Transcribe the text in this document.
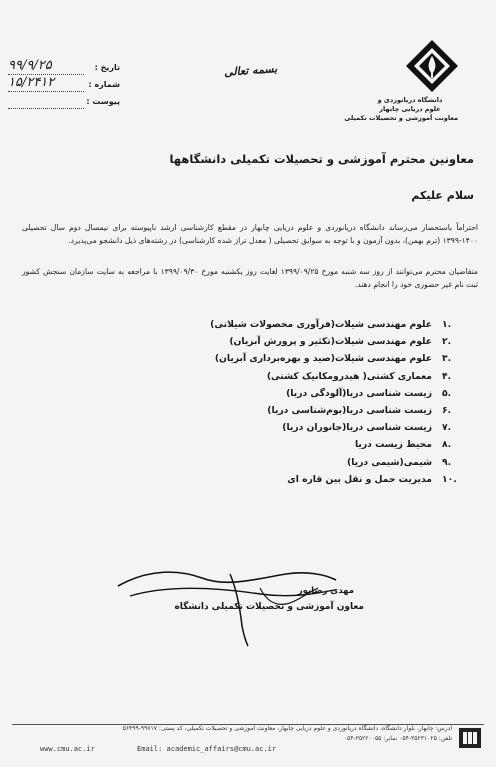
دانشگاه دریانوردی و
علوم دریایی چابهار
معاونت آموزشی و تحصیلات تکمیلی
بسمه تعالی
تاریخ :
۹۹/۹/۲۵
شماره :
۱۵/۲۴۱۲
پیوست :
معاونین محترم آموزشی و تحصیلات تکمیلی دانشگاهها
سلام علیکم
احتراماً باستحضار می‌رساند دانشگاه دریانوردی و علوم دریایی چابهار در مقطع کارشناسی ارشد ناپیوسته برای نیمسال دوم سال تحصیلی ۱۴۰۰-۱۳۹۹ (ترم بهمن)، بدون آزمون و با توجه به سوابق تحصیلی ( معدل تراز شده کارشناسی) در رشته‌های ذیل دانشجو می‌پذیرد.
متقاضیان محترم می‌توانند از روز سه شنبه مورخ ۱۳۹۹/۰۹/۲۵ لغایت روز یکشنبه مورخ ۱۳۹۹/۰۹/۳۰ با مراجعه به سایت سازمان سنجش کشور ثبت نام غیر حضوری خود را انجام دهند.
۱.
علوم مهندسی شیلات(فرآوری محصولات شیلاتی)
۲.
علوم مهندسی شیلات(تکثیر و پرورش آبزیان)
۳.
علوم مهندسی شیلات(صید و بهره‌برداری آبزیان)
۴.
معماری کشتی( هیدرومکانیک کشتی)
۵.
زیست شناسی دریا(آلودگی دریا)
۶.
زیست شناسی دریا(بوم‌شناسی دریا)
۷.
زیست شناسی دریا(جانوران دریا)
۸.
محیط زیست دریا
۹.
شیمی(شیمی دریا)
۱۰.
مدیریت حمل و نقل بین قاره ای
مهدی رضاپور
معاون آموزشی و تحصیلات تکمیلی دانشگاه
آدرس: چابهار، بلوار دانشگاه، دانشگاه دریانوردی و علوم دریایی چابهار، معاونت آموزشی و تحصیلات تکمیلی، کد پستی: ۹۹۷۱۷-۵۶۴۹۹
تلفن: ۳۵۲۳۱۰۲۵-۰۵۴ نمابر: ۳۵۲۲۰۰۵۵-۰۵۴
www.cmu.ac.ir	Email: academic_affairs@cmu.ac.ir
